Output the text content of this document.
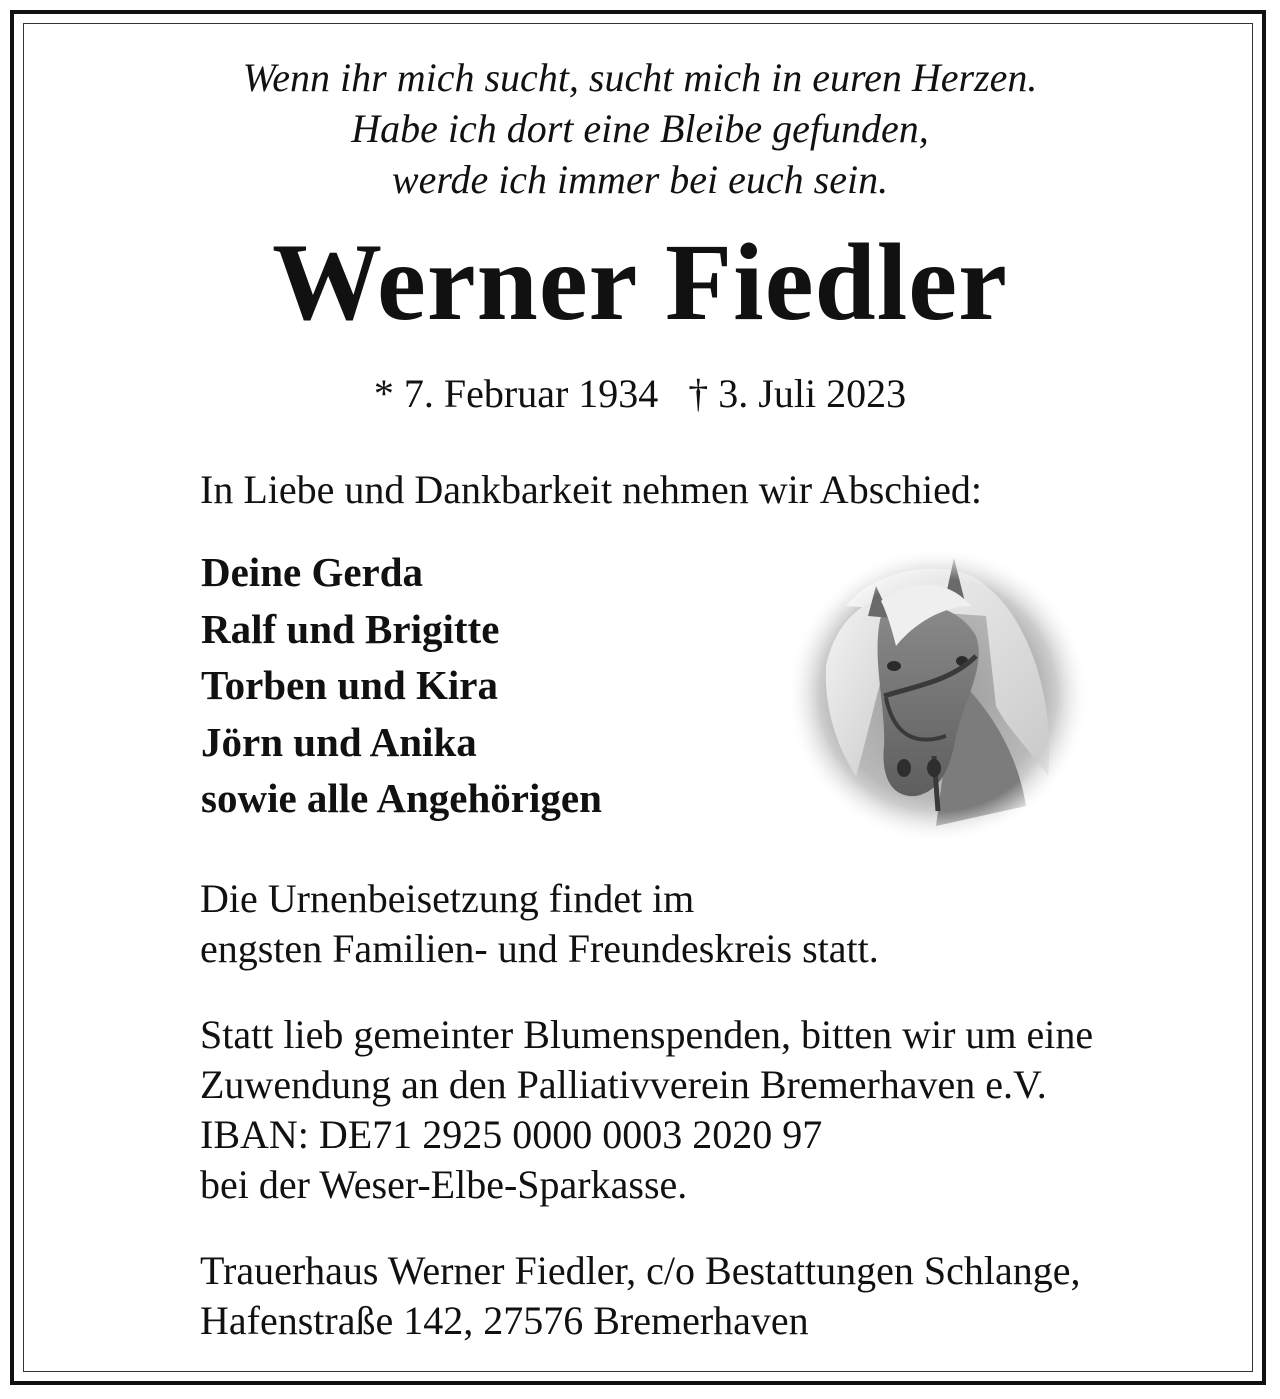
Wenn ihr mich sucht, sucht mich in euren Herzen.
Habe ich dort eine Bleibe gefunden,
werde ich immer bei euch sein.
Werner Fiedler
* 7. Februar 1934 † 3. Juli 2023
In Liebe und Dankbarkeit nehmen wir Abschied:
Deine Gerda
Ralf und Brigitte
Torben und Kira
Jörn und Anika
sowie alle Angehörigen
Die Urnenbeisetzung findet im
engsten Familien- und Freundeskreis statt.
Statt lieb gemeinter Blumenspenden, bitten wir um eine
Zuwendung an den Palliativverein Bremerhaven e.V.
IBAN: DE71 2925 0000 0003 2020 97
bei der Weser-Elbe-Sparkasse.
Trauerhaus Werner Fiedler, c/o Bestattungen Schlange,
Hafenstraße 142, 27576 Bremerhaven
